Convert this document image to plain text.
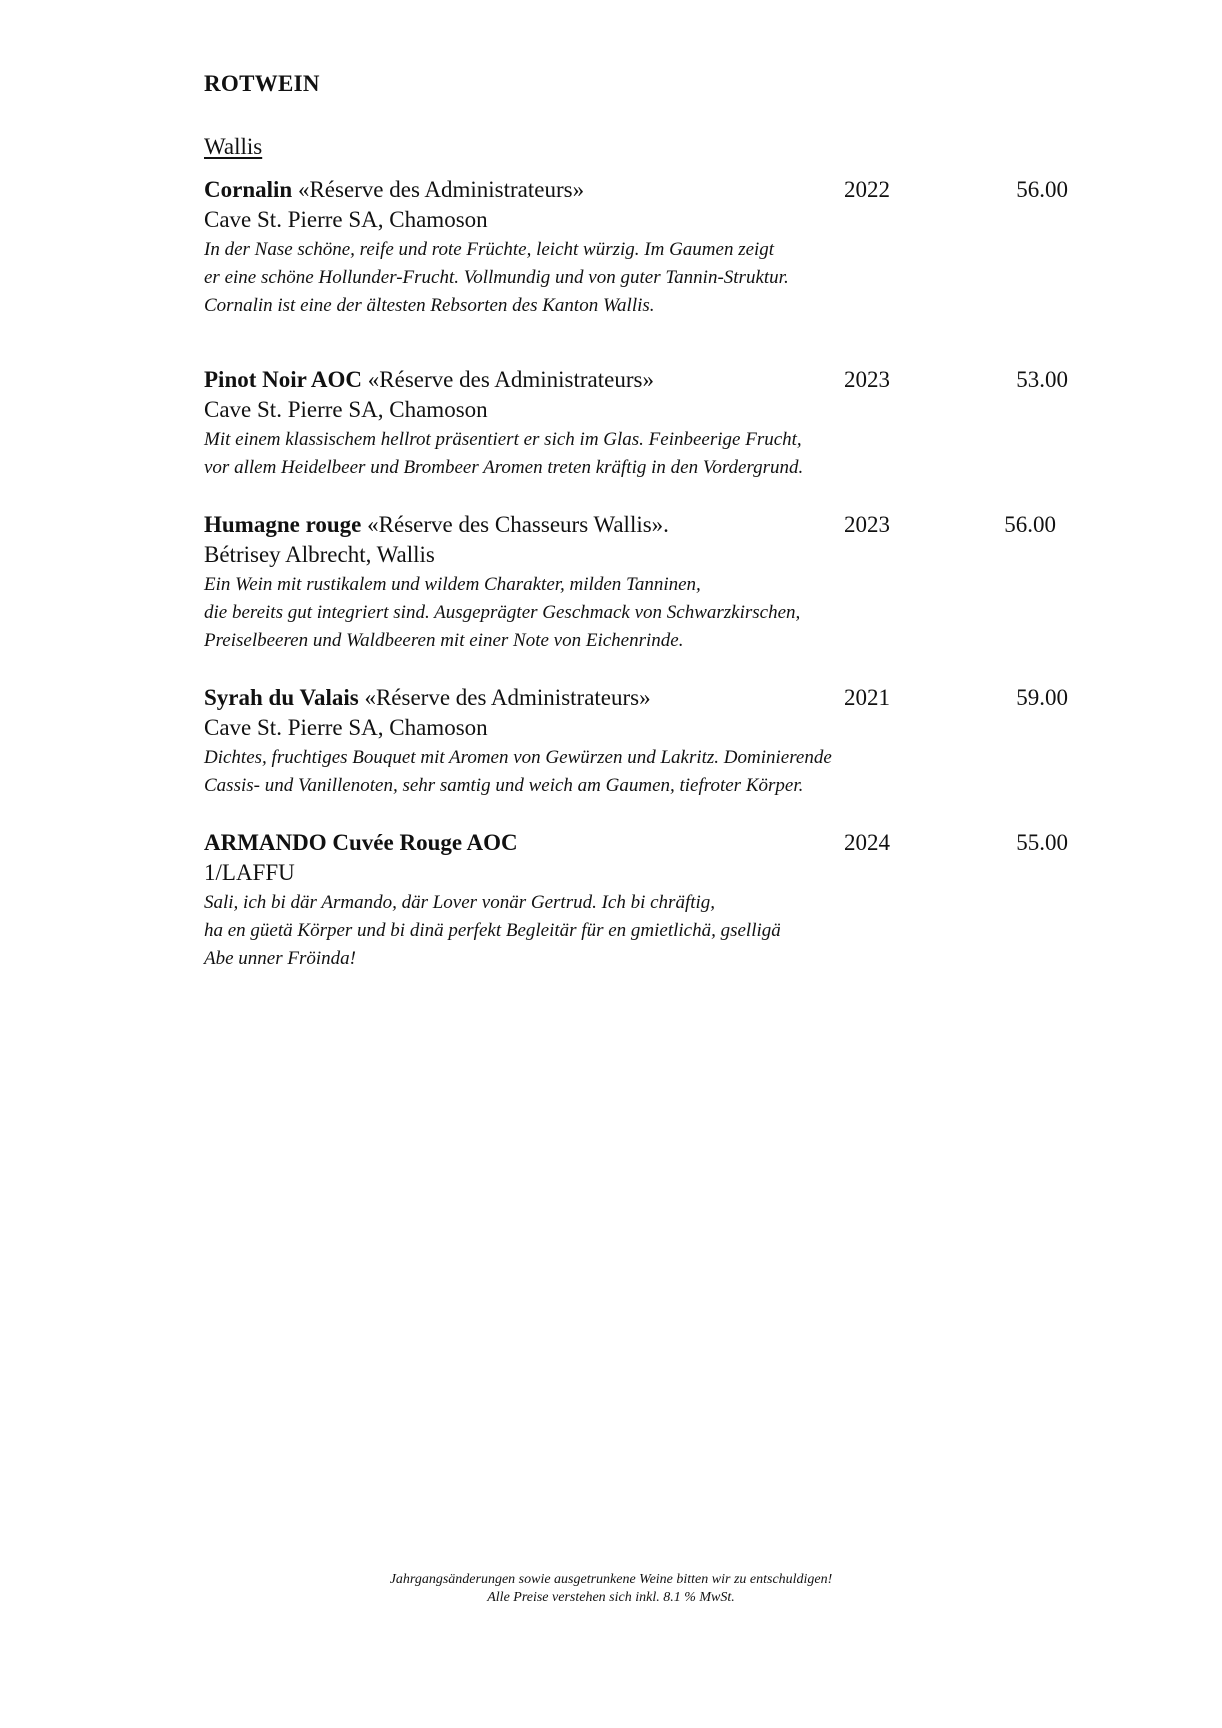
ROTWEIN
Wallis
Cornalin «Réserve des Administrateurs»	2022	56.00
Cave St. Pierre SA, Chamoson
In der Nase schöne, reife und rote Früchte, leicht würzig. Im Gaumen zeigt
er eine schöne Hollunder-Frucht. Vollmundig und von guter Tannin-Struktur.
Cornalin ist eine der ältesten Rebsorten des Kanton Wallis.
Pinot Noir AOC «Réserve des Administrateurs»	2023	53.00
Cave St. Pierre SA, Chamoson
Mit einem klassischem hellrot präsentiert er sich im Glas. Feinbeerige Frucht,
vor allem Heidelbeer und Brombeer Aromen treten kräftig in den Vordergrund.
Humagne rouge «Réserve des Chasseurs Wallis».	2023	56.00
Bétrisey Albrecht, Wallis
Ein Wein mit rustikalem und wildem Charakter, milden Tanninen,
die bereits gut integriert sind. Ausgeprägter Geschmack von Schwarzkirschen,
Preiselbeeren und Waldbeeren mit einer Note von Eichenrinde.
Syrah du Valais «Réserve des Administrateurs»	2021	59.00
Cave St. Pierre SA, Chamoson
Dichtes, fruchtiges Bouquet mit Aromen von Gewürzen und Lakritz. Dominierende
Cassis- und Vanillenoten, sehr samtig und weich am Gaumen, tiefroter Körper.
ARMANDO Cuvée Rouge AOC	2024	55.00
1/LAFFU
Sali, ich bi där Armando, där Lover vonär Gertrud. Ich bi chräftig,
ha en güetä Körper und bi dinä perfekt Begleitär für en gmietlichä, gselligä
Abe unner Fröinda!
Jahrgangsänderungen sowie ausgetrunkene Weine bitten wir zu entschuldigen!
Alle Preise verstehen sich inkl. 8.1 % MwSt.
